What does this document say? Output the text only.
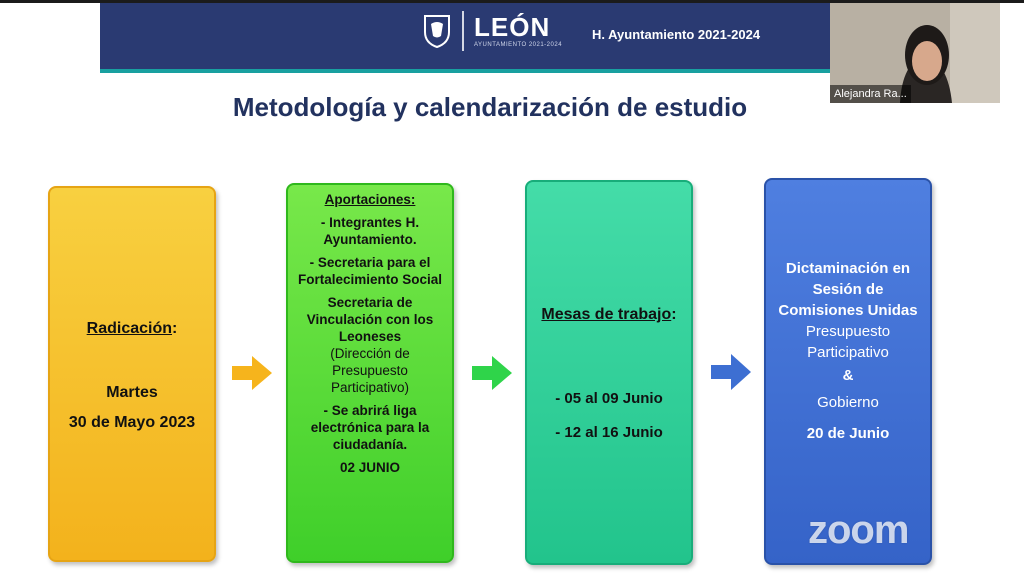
LEÓN
AYUNTAMIENTO 2021-2024
H. Ayuntamiento 2021-2024
Alejandra Ra...
Metodología y calendarización de estudio
Radicación:
Martes
30 de Mayo 2023

Aportaciones:

- Integrantes H. Ayuntamiento.

- Secretaria para el Fortalecimiento Social

Secretaria de Vinculación con los Leoneses

(Dirección de Presupuesto Participativo)

- Se abrirá liga electrónica para la ciudadanía.

02 JUNIO

Mesas de trabajo:
- 05 al 09 Junio
- 12 al 16 Junio

Dictaminación en Sesión de Comisiones Unidas

Presupuesto Participativo

&

Gobierno

20 de Junio

zoom
